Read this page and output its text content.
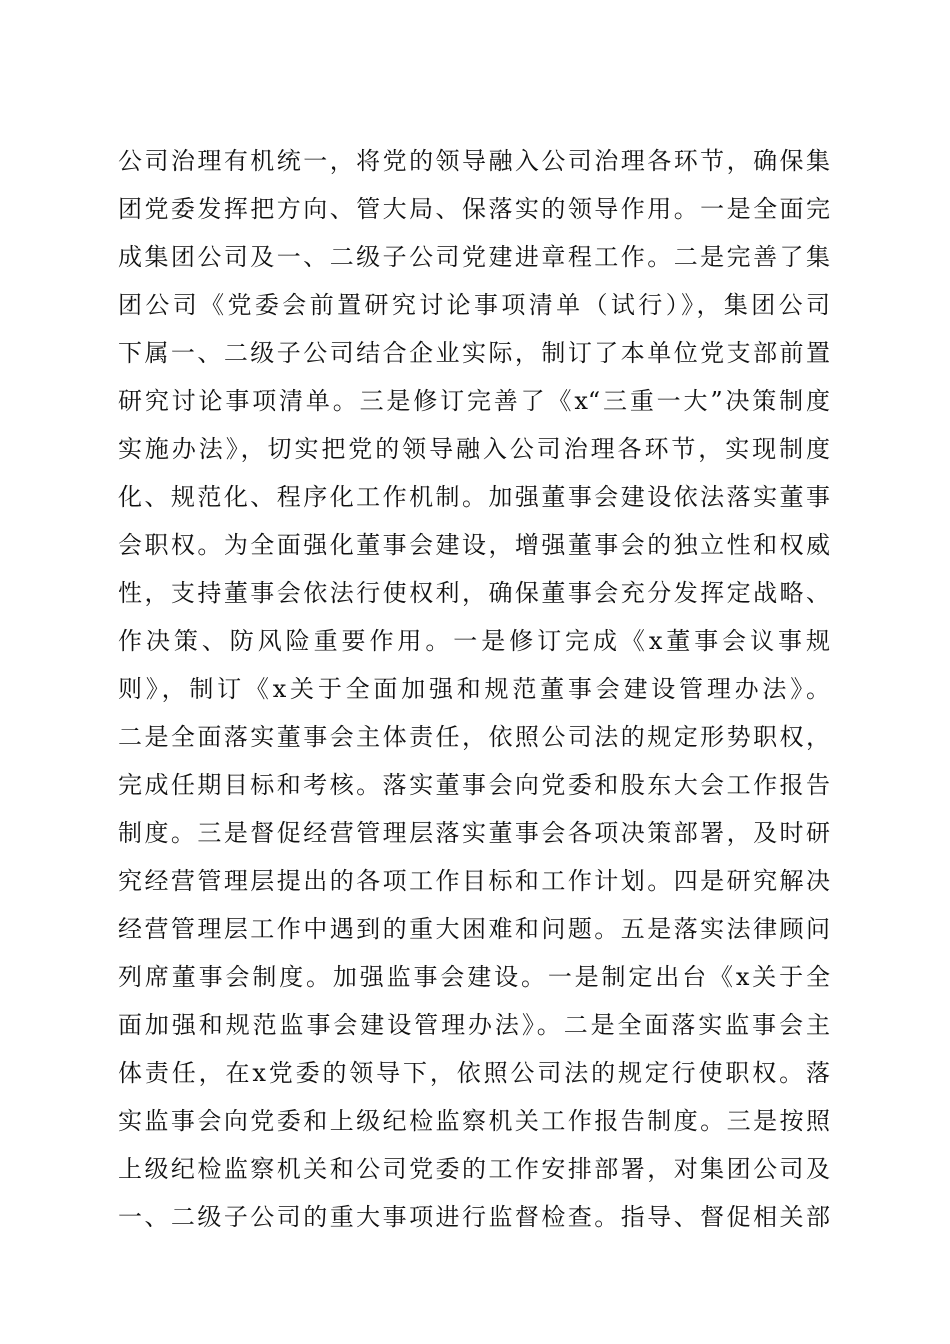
公司治理有机统一，将党的领导融入公司治理各环节，确保集
团党委发挥把方向、管大局、保落实的领导作用。一是全面完
成集团公司及一、二级子公司党建进章程工作。二是完善了集
团公司《党委会前置研究讨论事项清单（试行）》，集团公司
下属一、二级子公司结合企业实际，制订了本单位党支部前置
研究讨论事项清单。三是修订完善了《x“三重一大”决策制度
实施办法》，切实把党的领导融入公司治理各环节，实现制度
化、规范化、程序化工作机制。加强董事会建设依法落实董事
会职权。为全面强化董事会建设，增强董事会的独立性和权威
性，支持董事会依法行使权利，确保董事会充分发挥定战略、
作决策、防风险重要作用。一是修订完成《x董事会议事规
则》，制订《x关于全面加强和规范董事会建设管理办法》。
二是全面落实董事会主体责任，依照公司法的规定形势职权，
完成任期目标和考核。落实董事会向党委和股东大会工作报告
制度。三是督促经营管理层落实董事会各项决策部署，及时研
究经营管理层提出的各项工作目标和工作计划。四是研究解决
经营管理层工作中遇到的重大困难和问题。五是落实法律顾问
列席董事会制度。加强监事会建设。一是制定出台《x关于全
面加强和规范监事会建设管理办法》。二是全面落实监事会主
体责任，在x党委的领导下，依照公司法的规定行使职权。落
实监事会向党委和上级纪检监察机关工作报告制度。三是按照
上级纪检监察机关和公司党委的工作安排部署，对集团公司及
一、二级子公司的重大事项进行监督检查。指导、督促相关部
